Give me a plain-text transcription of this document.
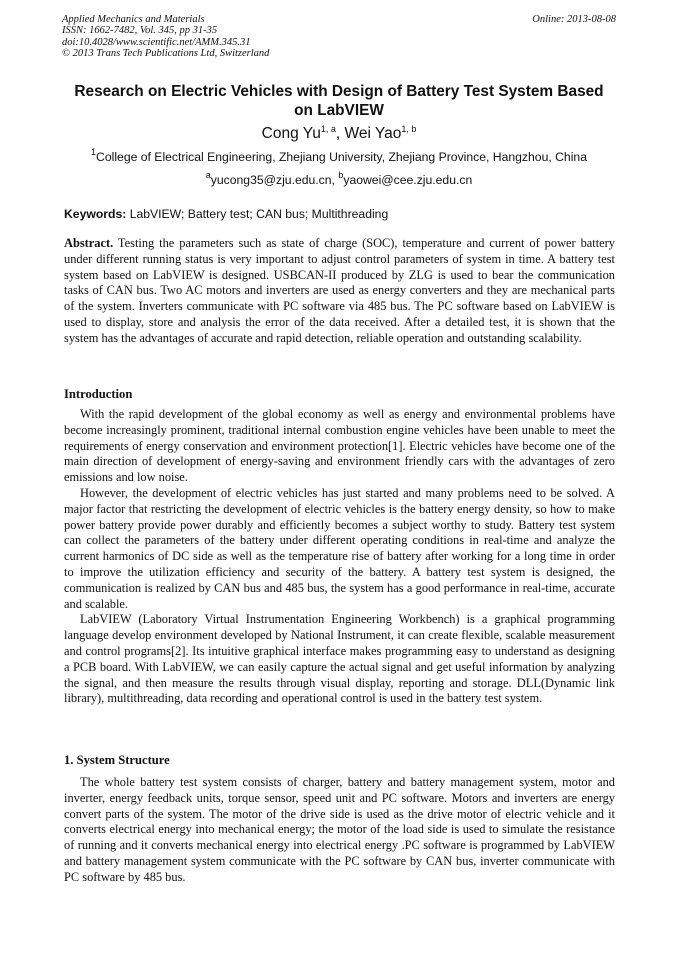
Applied Mechanics and Materials
ISSN: 1662-7482, Vol. 345, pp 31-35
doi:10.4028/www.scientific.net/AMM.345.31
© 2013 Trans Tech Publications Ltd, Switzerland
Online: 2013-08-08
Research on Electric Vehicles with Design of Battery Test System Based
on LabVIEW
Cong Yu$^{1, a}$, Wei Yao$^{1, b}$
$^1$College of Electrical Engineering, Zhejiang University, Zhejiang Province, Hangzhou, China
$^a$yucong35@zju.edu.cn, $^b$yaowei@cee.zju.edu.cn
Keywords: LabVIEW; Battery test; CAN bus; Multithreading

Abstract. Testing the parameters such as state of charge (SOC), temperature and current of power battery under different running status is very important to adjust control parameters of system in time. A battery test system based on LabVIEW is designed. USBCAN-II produced by ZLG is used to bear the communication tasks of CAN bus. Two AC motors and inverters are used as energy converters and they are mechanical parts of the system. Inverters communicate with PC software via 485 bus. The PC software based on LabVIEW is used to display, store and analysis the error of the data received. After a detailed test, it is shown that the system has the advantages of accurate and rapid detection, reliable operation and outstanding scalability.

Introduction

With the rapid development of the global economy as well as energy and environmental problems have become increasingly prominent, traditional internal combustion engine vehicles have been unable to meet the requirements of energy conservation and environment protection[1]. Electric vehicles have become one of the main direction of development of energy-saving and environment friendly cars with the advantages of zero emissions and low noise.

However, the development of electric vehicles has just started and many problems need to be solved. A major factor that restricting the development of electric vehicles is the battery energy density, so how to make power battery provide power durably and efficiently becomes a subject worthy to study. Battery test system can collect the parameters of the battery under different operating conditions in real-time and analyze the current harmonics of DC side as well as the temperature rise of battery after working for a long time in order to improve the utilization efficiency and security of the battery. A battery test system is designed, the communication is realized by CAN bus and 485 bus, the system has a good performance in real-time, accurate and scalable.

LabVIEW (Laboratory Virtual Instrumentation Engineering Workbench) is a graphical programming language develop environment developed by National Instrument, it can create flexible, scalable measurement and control programs[2]. Its intuitive graphical interface makes programming easy to understand as designing a PCB board. With LabVIEW, we can easily capture the actual signal and get useful information by analyzing the signal, and then measure the results through visual display, reporting and storage. DLL(Dynamic link library), multithreading, data recording and operational control is used in the battery test system.

1. System Structure

The whole battery test system consists of charger, battery and battery management system, motor and inverter, energy feedback units, torque sensor, speed unit and PC software. Motors and inverters are energy convert parts of the system. The motor of the drive side is used as the drive motor of electric vehicle and it converts electrical energy into mechanical energy; the motor of the load side is used to simulate the resistance of running and it converts mechanical energy into electrical energy .PC software is programmed by LabVIEW and battery management system communicate with the PC software by CAN bus, inverter communicate with PC software by 485 bus.
